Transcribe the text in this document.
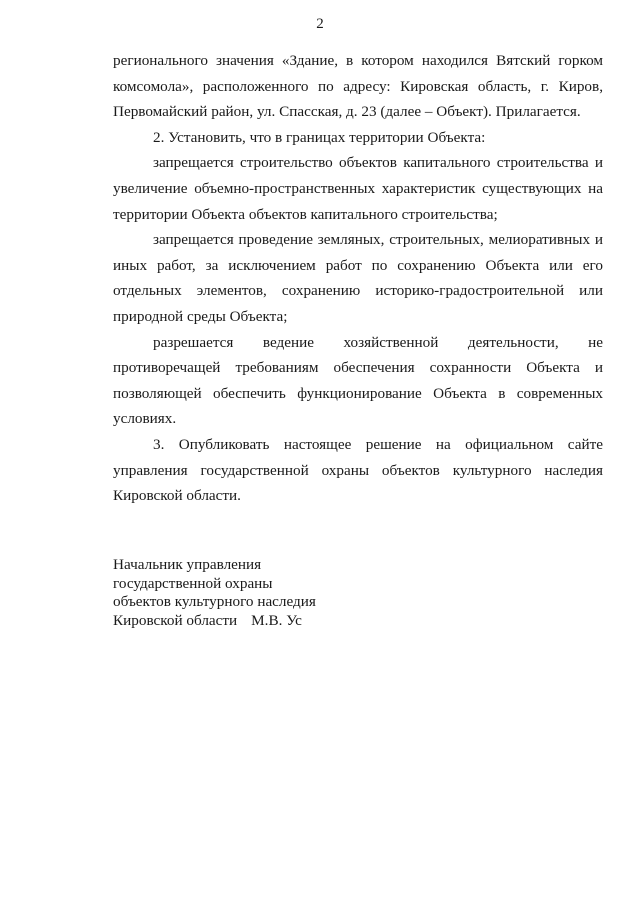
2

регионального значения «Здание, в котором находился Вятский горком комсомола», расположенного по адресу: Кировская область, г. Киров, Первомайский район, ул. Спасская, д. 23 (далее – Объект). Прилагается.

2. Установить, что в границах территории Объекта:

запрещается строительство объектов капитального строительства и увеличение объемно-пространственных характеристик существующих на территории Объекта объектов капитального строительства;

запрещается проведение земляных, строительных, мелиоративных и иных работ, за исключением работ по сохранению Объекта или его отдельных элементов, сохранению историко-градостроительной или природной среды Объекта;

разрешается ведение хозяйственной деятельности, не противоречащей требованиям обеспечения сохранности Объекта и позволяющей обеспечить функционирование Объекта в современных условиях.

3. Опубликовать настоящее решение на официальном сайте управления государственной охраны объектов культурного наследия Кировской области.

Начальник управления
государственной охраны
объектов культурного наследия
Кировской области М.В. Ус
